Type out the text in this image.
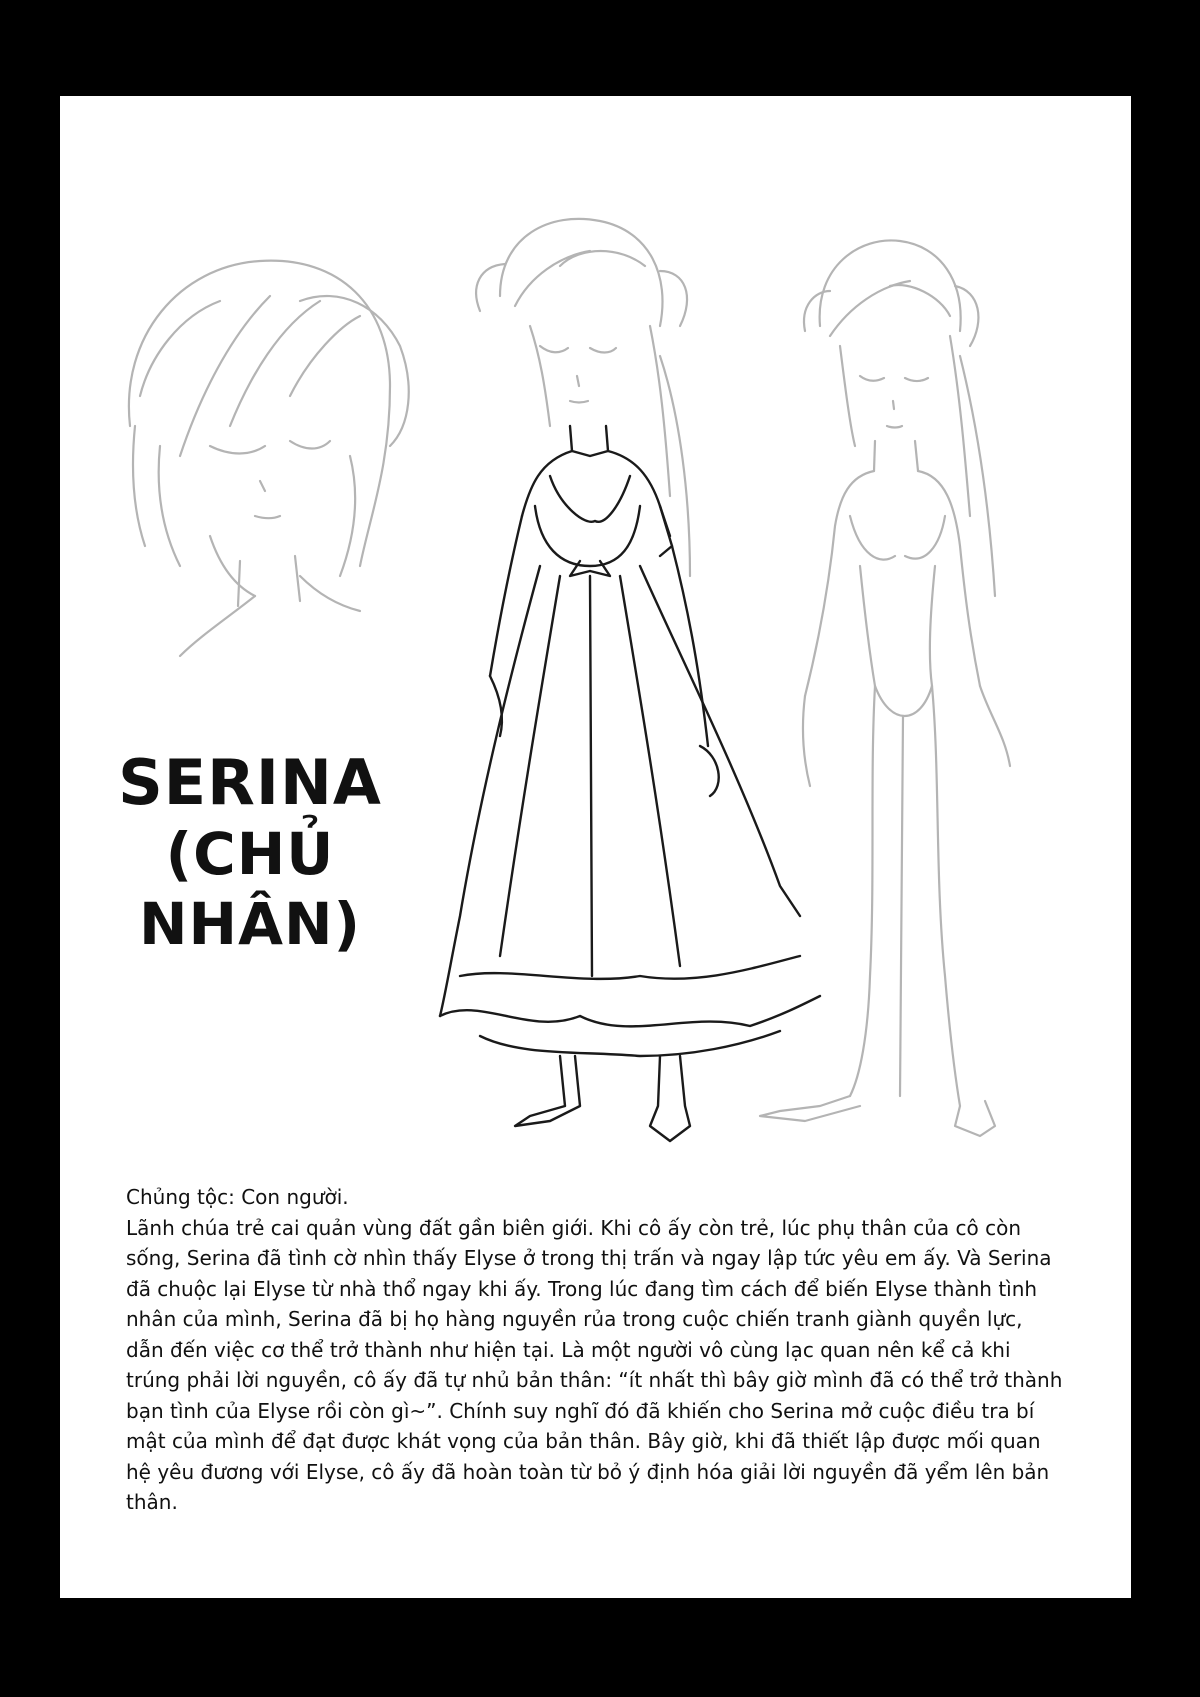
SERINA
(CHỦ NHÂN)

Chủng tộc: Con người.

Lãnh chúa trẻ cai quản vùng đất gần biên giới. Khi cô ấy còn trẻ, lúc phụ thân của cô còn sống, Serina đã tình cờ nhìn thấy Elyse ở trong thị trấn và ngay lập tức yêu em ấy. Và Serina đã chuộc lại Elyse từ nhà thổ ngay khi ấy. Trong lúc đang tìm cách để biến Elyse thành tình nhân của mình, Serina đã bị họ hàng nguyền rủa trong cuộc chiến tranh giành quyền lực, dẫn đến việc cơ thể trở thành như hiện tại. Là một người vô cùng lạc quan nên kể cả khi trúng phải lời nguyền, cô ấy đã tự nhủ bản thân: “ít nhất thì bây giờ mình đã có thể trở thành bạn tình của Elyse rồi còn gì~”. Chính suy nghĩ đó đã khiến cho Serina mở cuộc điều tra bí mật của mình để đạt được khát vọng của bản thân. Bây giờ, khi đã thiết lập được mối quan hệ yêu đương với Elyse, cô ấy đã hoàn toàn từ bỏ ý định hóa giải lời nguyền đã yểm lên bản thân.
